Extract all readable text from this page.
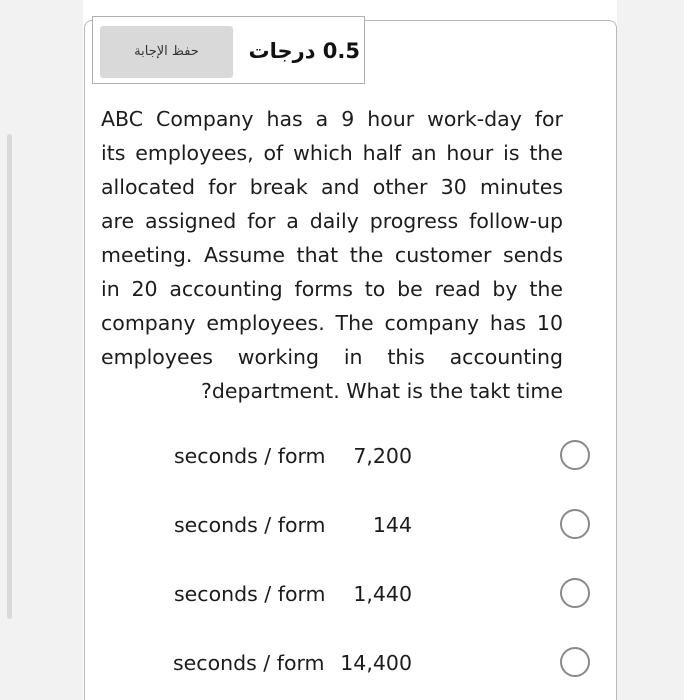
حفظ الإجابة	0.5 درجات
ABC Company has a 9 hour work-day for
its employees, of which half an hour is the
allocated for break and other 30 minutes
are assigned for a daily progress follow-up
meeting. Assume that the customer sends
in 20 accounting forms to be read by the
company employees. The company has 10
employees working in this accounting
?department. What is the takt time
seconds / form 7,200
seconds / form 144
seconds / form 1,440
seconds / form 14,400
